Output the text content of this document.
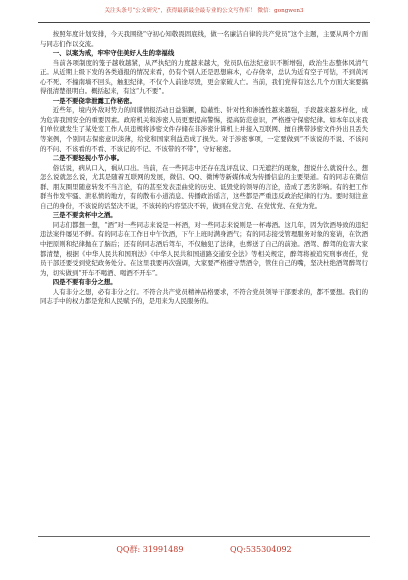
关注头条号“公文研究”，获得最新最全最专业的公文写作库！ 微信：gongwen3

按照年度计划安排，今天我围绕“守初心知敬畏固底线，做一名廉洁自律的共产党员”这个主题，主要从两个方面与同志们作以交流。

一、以案为戒，牢牢守住美好人生的幸福线

当前各项制度的笼子越收越紧，从严执纪的力度越来越大，党员队伍法纪意识不断增强，政治生态整体风清气正。从近期上级下发的各类通报的情况来看，仍有个别人还是思想麻木，心存侥幸，总认为近有空子可钻，不到黄河心不死、不撞南墙不回头，触犯纪律，不仅个人前途尽毁，更会家破人亡。当前，我们党得有这么几个方面大案要搞得很清楚很明白。概括起来，有这“九不要”。

一是不要侥幸泄露工作秘密。

近些年，境内外敌对势力的间谍情报活动日益猖獗，隐蔽性、针对性和渗透性越来越强，手段越来越多样化，成为危害我国安全的重要因素。政府机关和涉密人员更要提高警惕，提高防范意识，严格遵守保密纪律。如本年以来我们单位就发生了某处室工作人员违规将涉密文件存储在非涉密计算机上并接入互联网、擅自携带涉密文件外出且丢失等案例，个别同志保密意识淡薄，给党和国家利益造成了损失。对于涉密事项，一定要做到“不该说的不说、不该问的不问、不该看的不看、不该记的不记、不该带的不带”，守好秘密。

二是不要轻视小节小事。

俗话说，病从口入，祸从口出。当前，在一些同志中还存在乱评乱议、口无遮拦的现象，想说什么就说什么，想怎么说就怎么说，尤其是随着互联网的发展，微信、QQ、微博等新媒体成为传播信息的主要渠道。有的同志在微信群、朋友圈里随意转发不当言论，有的甚至发表歪曲党的历史、诋毁党的领导的言论，造成了恶劣影响。有的把工作群当作发牢骚、泄私愤的地方，有的散布小道消息、传播政治谣言，这些都是严重违反政治纪律的行为。要时刻注意自己的身份，不该说的话坚决不说，不该转的内容坚决不转，做到在党言党、在党忧党、在党为党。

三是不要贪杯中之酒。

同志们都想一想，“酒”对一些同志来说是一杯酒，对一些同志来说则是一杯毒酒。这几年，因为饮酒导致的违纪违法案件屡见不鲜。有的同志在工作日中午饮酒，下午上班时满身酒气；有的同志接受管理服务对象的宴请，在饮酒中把原则和纪律抛在了脑后；还有的同志酒后驾车，不仅触犯了法律，也葬送了自己的前途。酒驾、醉驾的危害大家都清楚，根据《中华人民共和国刑法》《中华人民共和国道路交通安全法》等相关规定，醉驾将被追究刑事责任，党员干部还要受到党纪政务处分。在这里我要再次强调，大家要严格遵守禁酒令，管住自己的嘴，坚决杜绝酒驾醉驾行为，切实做到“开车不喝酒、喝酒不开车”。

四是不要有非分之想。

人有非分之想，必有非分之行。不符合共产党员精神品格要求，不符合党员领导干部要求的，都不要想。我们的同志手中的权力都是党和人民赋予的，是用来为人民服务的。

QQ群: 31991489	QQ:535304092
